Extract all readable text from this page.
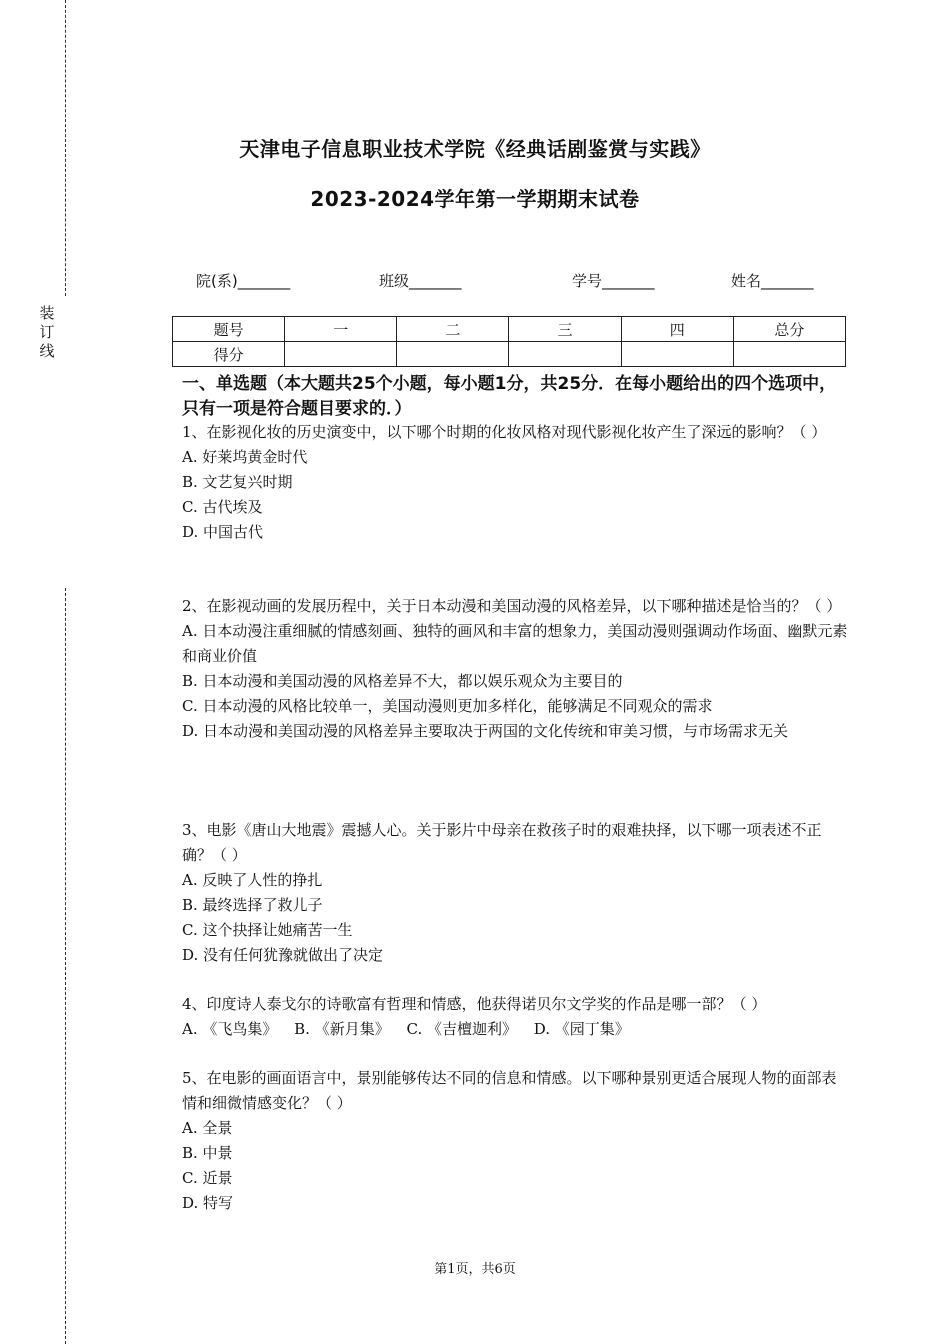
装
订
线
天津电子信息职业技术学院《经典话剧鉴赏与实践》
2023-2024学年第一学期期末试卷
院(系)_______	班级_______	学号_______	姓名_______
题号	一	二	三	四	总分
得分					
一、单选题（本大题共25个小题，每小题1分，共25分．在每小题给出的四个选项中，只有一项是符合题目要求的．）

1、在影视化妆的历史演变中，以下哪个时期的化妆风格对现代影视化妆产生了深远的影响？（ ）

A. 好莱坞黄金时代

B. 文艺复兴时期

C. 古代埃及

D. 中国古代

2、在影视动画的发展历程中，关于日本动漫和美国动漫的风格差异，以下哪种描述是恰当的？（ ）

A. 日本动漫注重细腻的情感刻画、独特的画风和丰富的想象力，美国动漫则强调动作场面、幽默元素和商业价值

B. 日本动漫和美国动漫的风格差异不大，都以娱乐观众为主要目的

C. 日本动漫的风格比较单一，美国动漫则更加多样化，能够满足不同观众的需求

D. 日本动漫和美国动漫的风格差异主要取决于两国的文化传统和审美习惯，与市场需求无关

3、电影《唐山大地震》震撼人心。关于影片中母亲在救孩子时的艰难抉择，以下哪一项表述不正确？（ ）

A. 反映了人性的挣扎

B. 最终选择了救儿子

C. 这个抉择让她痛苦一生

D. 没有任何犹豫就做出了决定

4、印度诗人泰戈尔的诗歌富有哲理和情感，他获得诺贝尔文学奖的作品是哪一部？（ ）

A. 《飞鸟集》 B. 《新月集》 C. 《吉檀迦利》 D. 《园丁集》

5、在电影的画面语言中，景别能够传达不同的信息和情感。以下哪种景别更适合展现人物的面部表情和细微情感变化？（ ）

A. 全景

B. 中景

C. 近景

D. 特写

第1页，共6页
